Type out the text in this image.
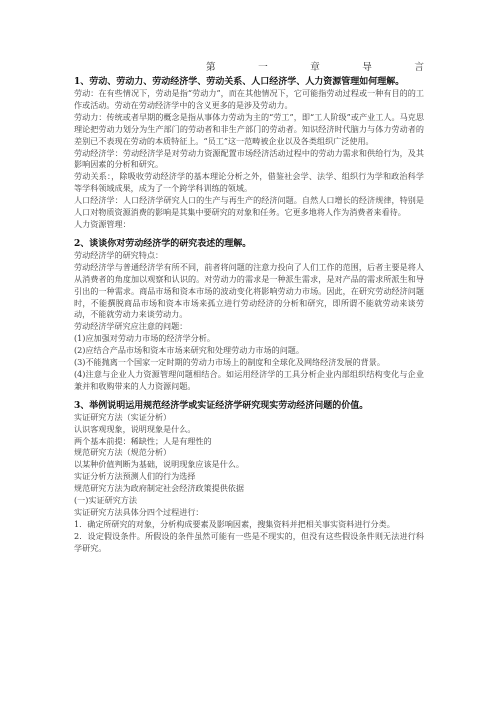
第	一	章	导	言
1、劳动、劳动力、劳动经济学、劳动关系、人口经济学、人力资源管理如何理解。
劳动：在有些情况下，劳动是指“劳动力”，而在其他情况下，它可能指劳动过程或一种有目的的工作或活动。劳动在劳动经济学中的含义更多的是涉及劳动力。
劳动力：传统或者早期的概念是指从事体力劳动为主的“劳工”，即“工人阶级”或产业工人。马克思理论把劳动力划分为生产部门的劳动者和非生产部门的劳动者。知识经济时代脑力与体力劳动者的差别已不表现在劳动的本质特征上。“员工”这一范畴被企业以及各类组织广泛使用。
劳动经济学：劳动经济学是对劳动力资源配置市场经济活动过程中的劳动力需求和供给行为，及其影响因素的分析和研究。
劳动关系：，除吸收劳动经济学的基本理论分析之外，借鉴社会学、法学、组织行为学和政治科学等学科领域成果，成为了一个跨学科训练的领域。
人口经济学：人口经济学研究人口的生产与再生产的经济问题。自然人口增长的经济规律，特别是人口对物质资源消费的影响是其集中要研究的对象和任务。它更多地将人作为消费者来看待。
人力资源管理：
2、谈谈你对劳动经济学的研究表述的理解。
劳动经济学的研究特点：
劳动经济学与普通经济学有所不同，前者将问题的注意力投向了人们工作的范围，后者主要是将人从消费者的角度加以观察和认识的。对劳动力的需求是一种派生需求，是对产品的需求所派生和导引出的一种需求。商品市场和资本市场的波动变化将影响劳动力市场。因此，在研究劳动经济问题时，不能撰脱商品市场和资本市场来孤立进行劳动经济的分析和研究，即所谓不能就劳动来谈劳动，不能就劳动力来谈劳动力。
劳动经济学研究应注意的问题：
(1)应加强对劳动力市场的经济学分析。
(2)应结合产品市场和资本市场来研究和处理劳动力市场的问题。
(3)不能抛离一个国家一定时期的劳动力市场上的制度和全球化及网络经济发展的背景。
(4)注意与企业人力资源管理问题相结合。如运用经济学的工具分析企业内部组织结构变化与企业兼并和收购带来的人力资源问题。
3、举例说明运用规范经济学或实证经济学研究现实劳动经济问题的价值。
实证研究方法（实证分析）
认识客观现象，说明现象是什么。
两个基本前提：稀缺性；人是有理性的
规范研究方法（规范分析）
以某种价值判断为基础，说明现象应该是什么。
实证分析方法预测人们的行为选择
规范研究方法为政府制定社会经济政策提供依据
(一)实证研究方法
实证研究方法具体分四个过程进行：
1．确定所研究的对象，分析构成要素及影响因素，搜集资料并把相关事实资料进行分类。
2．设定假设条件。所假设的条件虽然可能有一些是不现实的，但没有这些假设条件则无法进行科学研究。
